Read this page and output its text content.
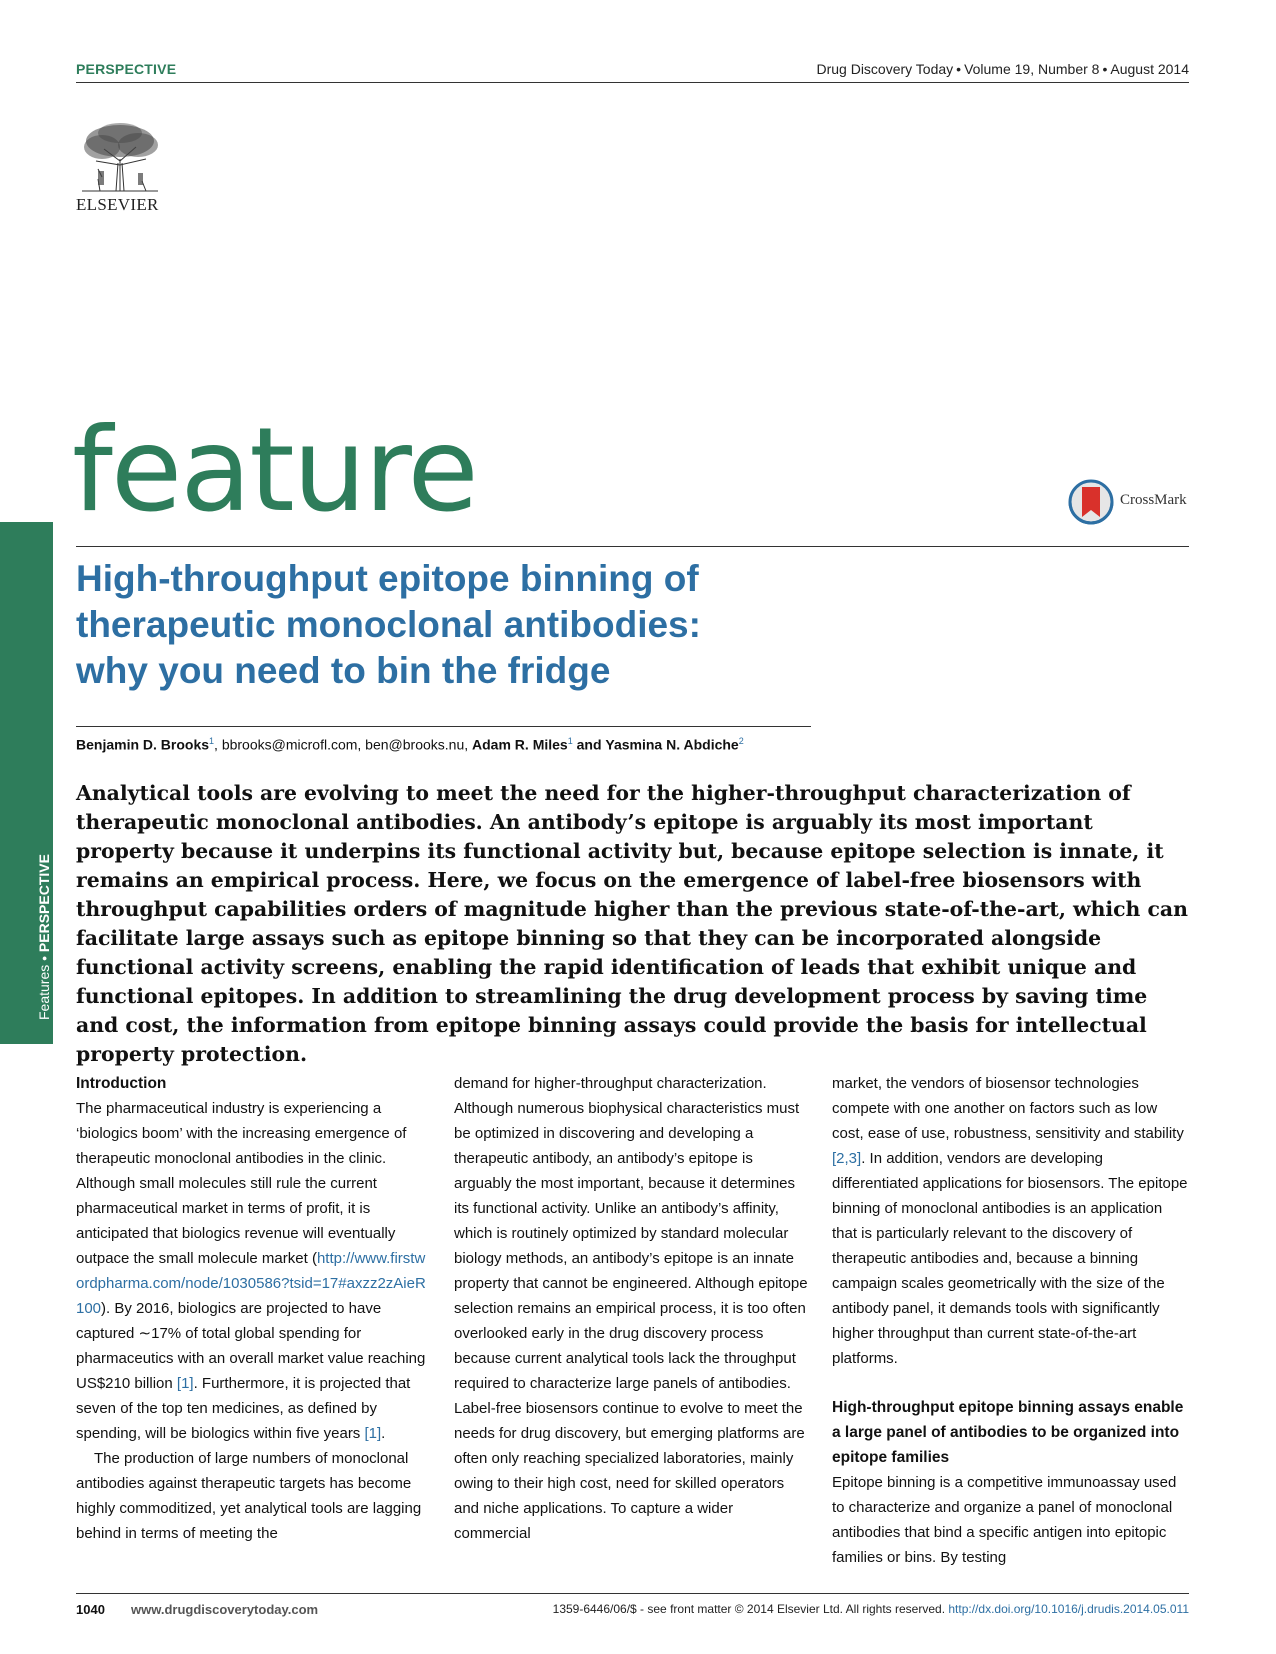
PERSPECTIVE	Drug Discovery Today • Volume 19, Number 8 • August 2014
ELSEVIER
feature	CrossMark
Features • PERSPECTIVE
High-throughput epitope binning of
therapeutic monoclonal antibodies:
why you need to bin the fridge
Benjamin D. Brooks$^1$, bbrooks@microfl.com, ben@brooks.nu, Adam R. Miles$^1$ and Yasmina N. Abdiche$^2$
Analytical tools are evolving to meet the need for the higher-throughput characterization of therapeutic monoclonal antibodies. An antibody’s epitope is arguably its most important property because it underpins its functional activity but, because epitope selection is innate, it remains an empirical process. Here, we focus on the emergence of label-free biosensors with throughput capabilities orders of magnitude higher than the previous state-of-the-art, which can facilitate large assays such as epitope binning so that they can be incorporated alongside functional activity screens, enabling the rapid identification of leads that exhibit unique and functional epitopes. In addition to streamlining the drug development process by saving time and cost, the information from epitope binning assays could provide the basis for intellectual property protection.
Introduction

The pharmaceutical industry is experiencing a ‘biologics boom’ with the increasing emergence of therapeutic monoclonal antibodies in the clinic. Although small molecules still rule the current pharmaceutical market in terms of profit, it is anticipated that biologics revenue will eventually outpace the small molecule market (http://www.firstwordpharma.com/node/1030586?tsid=17#axzz2zAieR100). By 2016, biologics are projected to have captured ∼17% of total global spending for pharmaceutics with an overall market value reaching US$210 billion [1]. Furthermore, it is projected that seven of the top ten medicines, as defined by spending, will be biologics within five years [1].

The production of large numbers of monoclonal antibodies against therapeutic targets has become highly commoditized, yet analytical tools are lagging behind in terms of meeting the

demand for higher-throughput characterization. Although numerous biophysical characteristics must be optimized in discovering and developing a therapeutic antibody, an antibody’s epitope is arguably the most important, because it determines its functional activity. Unlike an antibody’s affinity, which is routinely optimized by standard molecular biology methods, an antibody’s epitope is an innate property that cannot be engineered. Although epitope selection remains an empirical process, it is too often overlooked early in the drug discovery process because current analytical tools lack the throughput required to characterize large panels of antibodies. Label-free biosensors continue to evolve to meet the needs for drug discovery, but emerging platforms are often only reaching specialized laboratories, mainly owing to their high cost, need for skilled operators and niche applications. To capture a wider commercial

market, the vendors of biosensor technologies compete with one another on factors such as low cost, ease of use, robustness, sensitivity and stability [2,3]. In addition, vendors are developing differentiated applications for biosensors. The epitope binning of monoclonal antibodies is an application that is particularly relevant to the discovery of therapeutic antibodies and, because a binning campaign scales geometrically with the size of the antibody panel, it demands tools with significantly higher throughput than current state-of-the-art platforms.

High-throughput epitope binning assays enable a large panel of antibodies to be organized into epitope families

Epitope binning is a competitive immunoassay used to characterize and organize a panel of monoclonal antibodies that bind a specific antigen into epitopic families or bins. By testing

1040 www.drugdiscoverytoday.com	1359-6446/06/$ - see front matter © 2014 Elsevier Ltd. All rights reserved. http://dx.doi.org/10.1016/j.drudis.2014.05.011
